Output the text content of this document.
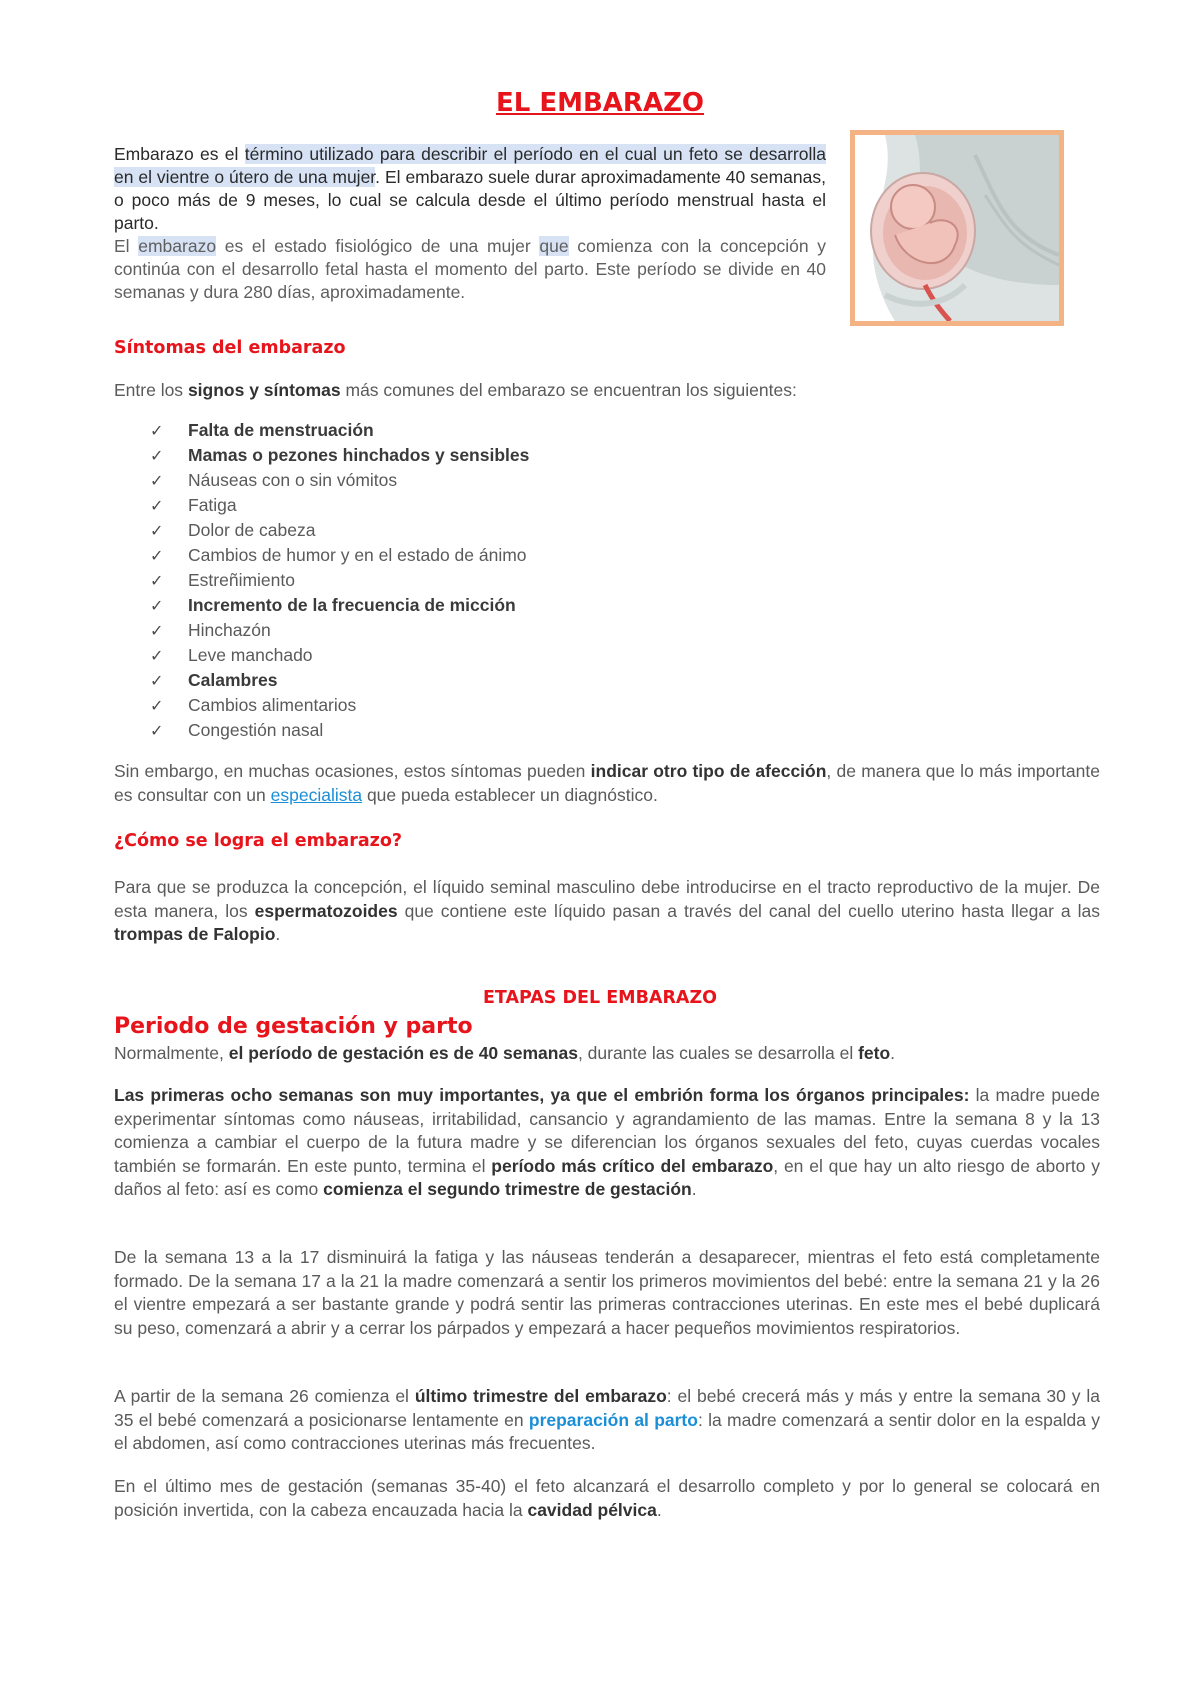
EL EMBARAZO

Embarazo es el término utilizado para describir el período en el cual un feto se desarrolla en el vientre o útero de una mujer. El embarazo suele durar aproximadamente 40 semanas, o poco más de 9 meses, lo cual se calcula desde el último período menstrual hasta el parto.

El embarazo es el estado fisiológico de una mujer que comienza con la concepción y continúa con el desarrollo fetal hasta el momento del parto. Este período se divide en 40 semanas y dura 280 días, aproximadamente.

Síntomas del embarazo

Entre los signos y síntomas más comunes del embarazo se encuentran los siguientes:

✓ Falta de menstruación
✓ Mamas o pezones hinchados y sensibles
✓ Náuseas con o sin vómitos
✓ Fatiga
✓ Dolor de cabeza
✓ Cambios de humor y en el estado de ánimo
✓ Estreñimiento
✓ Incremento de la frecuencia de micción
✓ Hinchazón
✓ Leve manchado
✓ Calambres
✓ Cambios alimentarios
✓ Congestión nasal

Sin embargo, en muchas ocasiones, estos síntomas pueden indicar otro tipo de afección, de manera que lo más importante es consultar con un especialista que pueda establecer un diagnóstico.

¿Cómo se logra el embarazo?

Para que se produzca la concepción, el líquido seminal masculino debe introducirse en el tracto reproductivo de la mujer. De esta manera, los espermatozoides que contiene este líquido pasan a través del canal del cuello uterino hasta llegar a las trompas de Falopio.

ETAPAS DEL EMBARAZO
Periodo de gestación y parto

Normalmente, el período de gestación es de 40 semanas, durante las cuales se desarrolla el feto.

Las primeras ocho semanas son muy importantes, ya que el embrión forma los órganos principales: la madre puede experimentar síntomas como náuseas, irritabilidad, cansancio y agrandamiento de las mamas. Entre la semana 8 y la 13 comienza a cambiar el cuerpo de la futura madre y se diferencian los órganos sexuales del feto, cuyas cuerdas vocales también se formarán. En este punto, termina el período más crítico del embarazo, en el que hay un alto riesgo de aborto y daños al feto: así es como comienza el segundo trimestre de gestación.

De la semana 13 a la 17 disminuirá la fatiga y las náuseas tenderán a desaparecer, mientras el feto está completamente formado. De la semana 17 a la 21 la madre comenzará a sentir los primeros movimientos del bebé: entre la semana 21 y la 26 el vientre empezará a ser bastante grande y podrá sentir las primeras contracciones uterinas. En este mes el bebé duplicará su peso, comenzará a abrir y a cerrar los párpados y empezará a hacer pequeños movimientos respiratorios.

A partir de la semana 26 comienza el último trimestre del embarazo: el bebé crecerá más y más y entre la semana 30 y la 35 el bebé comenzará a posicionarse lentamente en preparación al parto: la madre comenzará a sentir dolor en la espalda y el abdomen, así como contracciones uterinas más frecuentes.

En el último mes de gestación (semanas 35-40) el feto alcanzará el desarrollo completo y por lo general se colocará en posición invertida, con la cabeza encauzada hacia la cavidad pélvica.
